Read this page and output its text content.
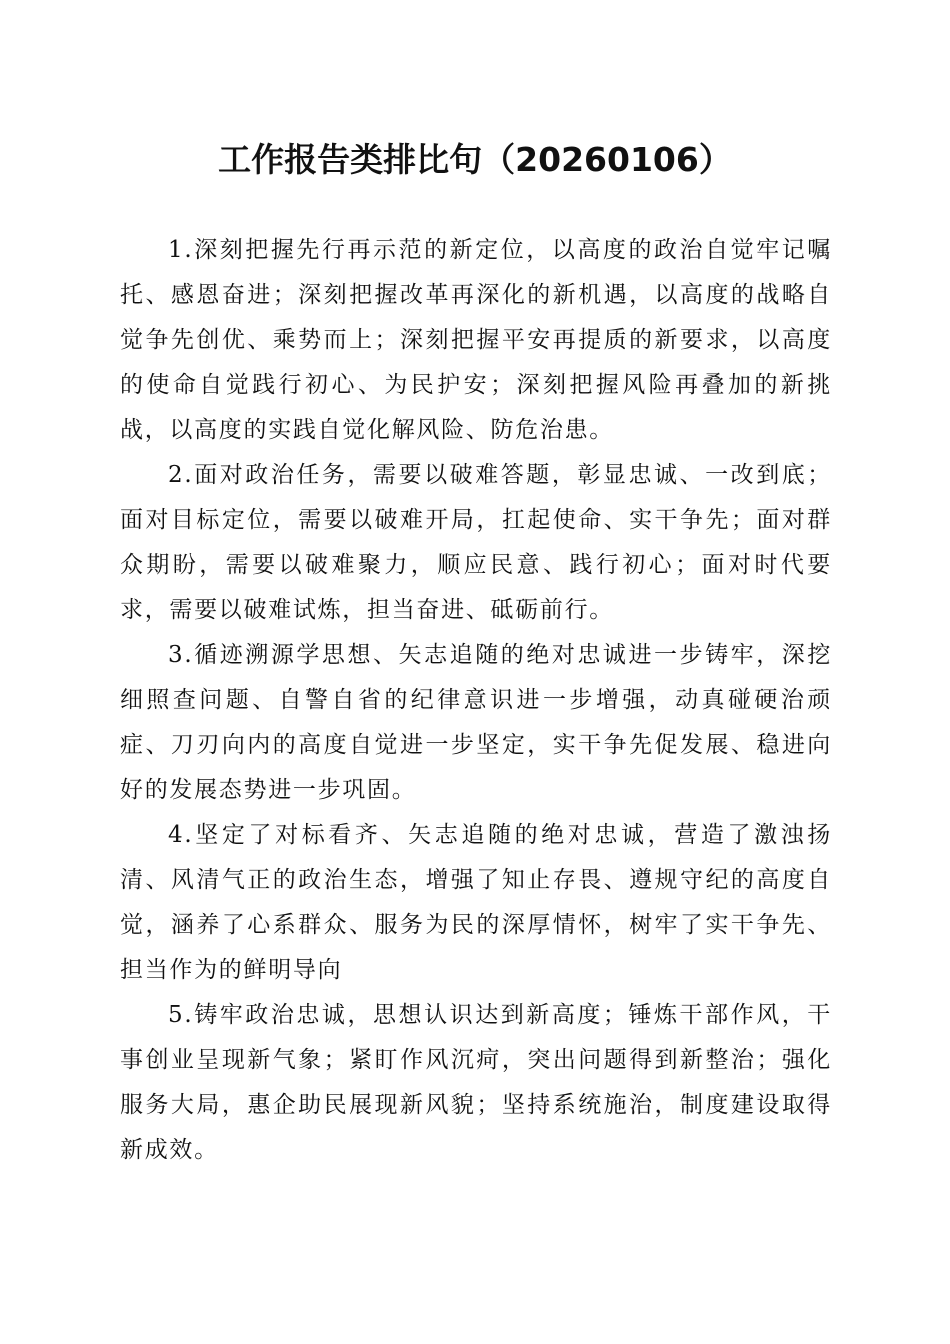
工作报告类排比句（20260106）

1.深刻把握先行再示范的新定位，以高度的政治自觉牢记嘱托、感恩奋进；深刻把握改革再深化的新机遇，以高度的战略自觉争先创优、乘势而上；深刻把握平安再提质的新要求，以高度的使命自觉践行初心、为民护安；深刻把握风险再叠加的新挑战，以高度的实践自觉化解风险、防危治患。

2.面对政治任务，需要以破难答题，彰显忠诚、一改到底；面对目标定位，需要以破难开局，扛起使命、实干争先；面对群众期盼，需要以破难聚力，顺应民意、践行初心；面对时代要求，需要以破难试炼，担当奋进、砥砺前行。

3.循迹溯源学思想、矢志追随的绝对忠诚进一步铸牢，深挖细照查问题、自警自省的纪律意识进一步增强，动真碰硬治顽症、刀刃向内的高度自觉进一步坚定，实干争先促发展、稳进向好的发展态势进一步巩固。

4.坚定了对标看齐、矢志追随的绝对忠诚，营造了激浊扬清、风清气正的政治生态，增强了知止存畏、遵规守纪的高度自觉，涵养了心系群众、服务为民的深厚情怀，树牢了实干争先、担当作为的鲜明导向

5.铸牢政治忠诚，思想认识达到新高度；锤炼干部作风，干事创业呈现新气象；紧盯作风沉疴，突出问题得到新整治；强化服务大局，惠企助民展现新风貌；坚持系统施治，制度建设取得新成效。
